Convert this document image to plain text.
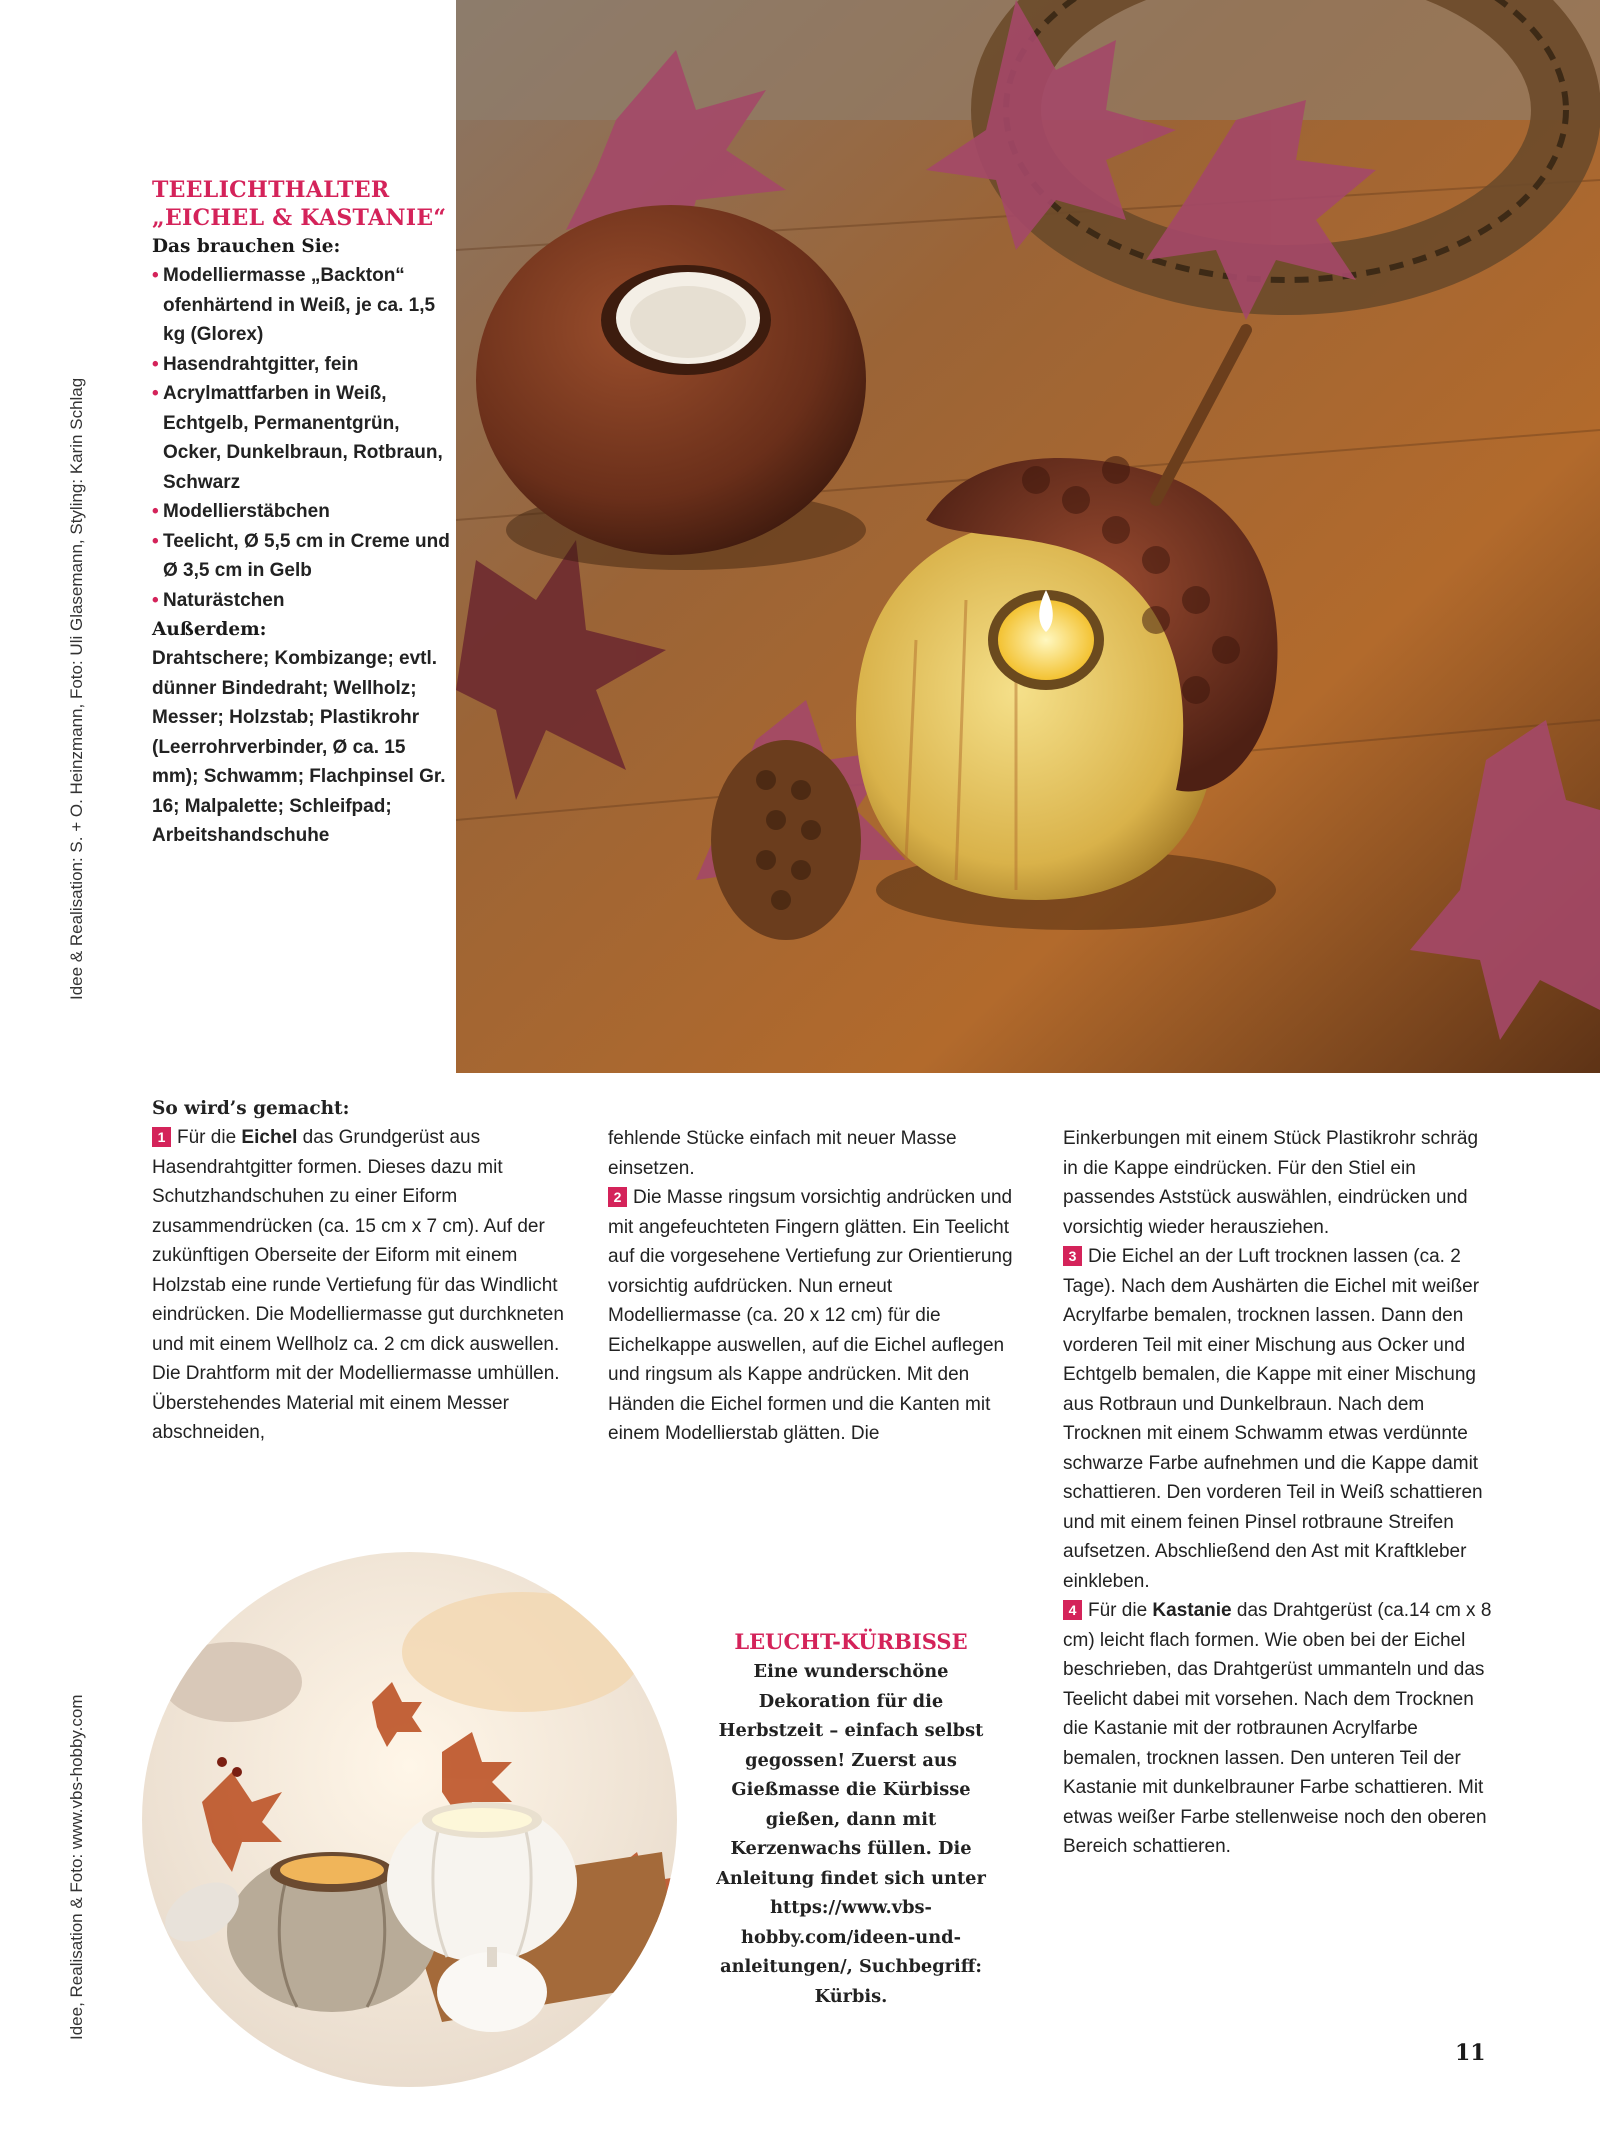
Idee & Realisation: S. + O. Heinzmann, Foto: Uli Glasemann, Styling: Karin Schlag
Idee, Realisation & Foto: www.vbs-hobby.com

TEELICHTHALTER

„EICHEL & KASTANIE“

Das brauchen Sie:

• Modelliermasse „Backton“ ofenhärtend in Weiß, je ca. 1,5 kg (Glorex)
• Hasendrahtgitter, fein
• Acrylmattfarben in Weiß, Echtgelb, Permanentgrün, Ocker, Dunkelbraun, Rotbraun, Schwarz
• Modellierstäbchen
• Teelicht, Ø 5,5 cm in Creme und Ø 3,5 cm in Gelb
• Naturästchen

Außerdem:

Drahtschere; Kombizange; evtl. dünner Bindedraht; Wellholz; Messer; Holzstab; Plastikrohr (Leerrohrverbinder, Ø ca. 15 mm); Schwamm; Flachpinsel Gr. 16; Malpalette; Schleifpad; Arbeitshandschuhe

So wird’s gemacht:

1 Für die Eichel das Grundgerüst aus Hasendrahtgitter formen. Dieses dazu mit Schutzhandschuhen zu einer Eiform zusammendrücken (ca. 15 cm x 7 cm). Auf der zukünftigen Oberseite der Eiform mit einem Holzstab eine runde Vertiefung für das Windlicht eindrücken. Die Modelliermasse gut durchkneten und mit einem Wellholz ca. 2 cm dick auswellen. Die Drahtform mit der Modelliermasse umhüllen. Überstehendes Material mit einem Messer abschneiden,

fehlende Stücke einfach mit neuer Masse einsetzen.

2 Die Masse ringsum vorsichtig andrücken und mit angefeuchteten Fingern glätten. Ein Teelicht auf die vorgesehene Vertiefung zur Orientierung vorsichtig aufdrücken. Nun erneut Modelliermasse (ca. 20 x 12 cm) für die Eichelkappe auswellen, auf die Eichel auflegen und ringsum als Kappe andrücken. Mit den Händen die Eichel formen und die Kanten mit einem Modellierstab glätten. Die

Einkerbungen mit einem Stück Plastikrohr schräg in die Kappe eindrücken. Für den Stiel ein passendes Aststück auswählen, eindrücken und vorsichtig wieder herausziehen.

3 Die Eichel an der Luft trocknen lassen (ca. 2 Tage). Nach dem Aushärten die Eichel mit weißer Acrylfarbe bemalen, trocknen lassen. Dann den vorderen Teil mit einer Mischung aus Ocker und Echtgelb bemalen, die Kappe mit einer Mischung aus Rotbraun und Dunkelbraun. Nach dem Trocknen mit einem Schwamm etwas verdünnte schwarze Farbe aufnehmen und die Kappe damit schattieren. Den vorderen Teil in Weiß schattieren und mit einem feinen Pinsel rotbraune Streifen aufsetzen. Abschließend den Ast mit Kraftkleber einkleben.

4 Für die Kastanie das Drahtgerüst (ca.14 cm x 8 cm) leicht flach formen. Wie oben bei der Eichel beschrieben, das Drahtgerüst ummanteln und das Teelicht dabei mit vorsehen. Nach dem Trocknen die Kastanie mit der rotbraunen Acrylfarbe bemalen, trocknen lassen. Den unteren Teil der Kastanie mit dunkelbrauner Farbe schattieren. Mit etwas weißer Farbe stellenweise noch den oberen Bereich schattieren.

LEUCHT-KÜRBISSE

Eine wunderschöne Dekoration für die Herbstzeit – einfach selbst gegossen! Zuerst aus Gießmasse die Kürbisse gießen, dann mit Kerzenwachs füllen. Die Anleitung findet sich unter https://www.vbs-hobby.com/ideen-und-anleitungen/, Suchbegriff: Kürbis.

11
